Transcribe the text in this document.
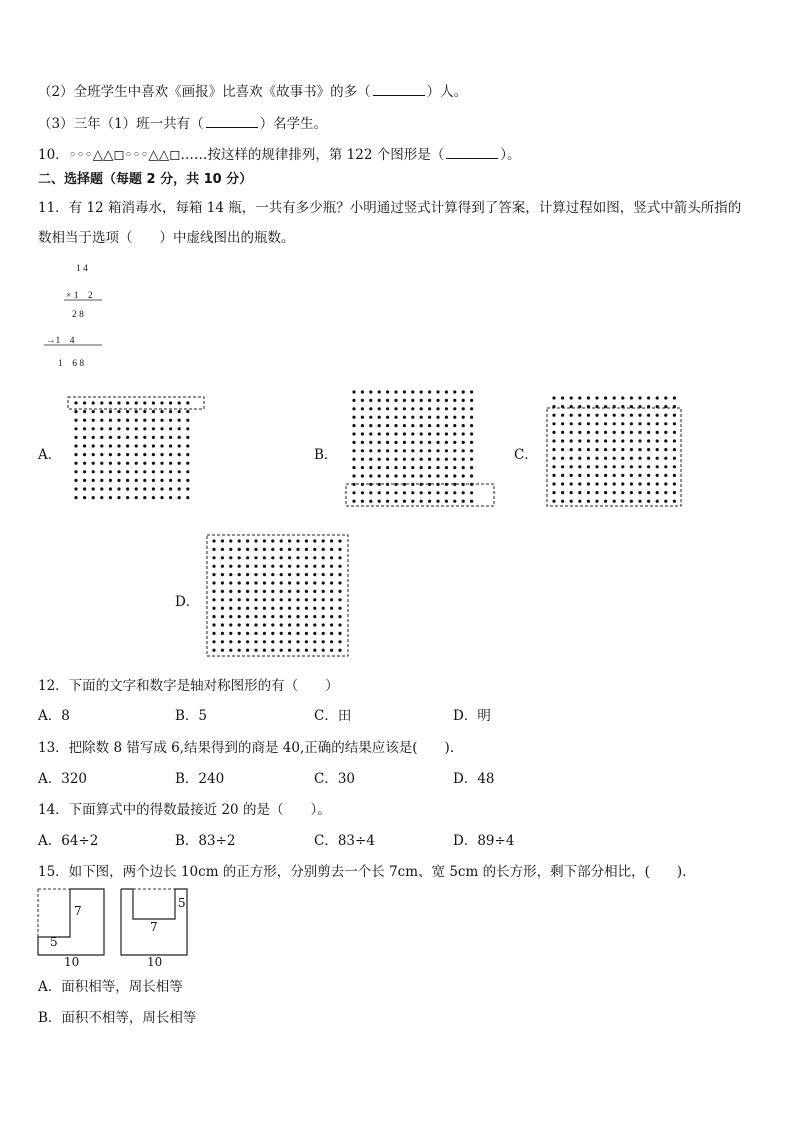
（2）全班学生中喜欢《画报》比喜欢《故事书》的多（	）人。
（3）三年（1）班一共有（	）名学生。
10．◦◦◦△△◻◦◦◦△△◻……按这样的规律排列，第 122 个图形是（	）。
二、选择题（每题 2 分，共 10 分）
11．有 12 箱消毒水，每箱 14 瓶，一共有多少瓶？小明通过竖式计算得到了答案，计算过程如图，竖式中箭头所指的
数相当于选项（　　）中虚线图出的瓶数。
1 4
× 1　2
2 8
→1　4
1　6 8
A．	B．	C．
D．
12．下面的文字和数字是轴对称图形的有（　　）
A．8	B．5	C．田	D．明
13．把除数 8 错写成 6,结果得到的商是 40,正确的结果应该是(　　).
A．320	B．240	C．30	D．48
14．下面算式中的得数最接近 20 的是（　　）。
A．64÷2	B．83÷2	C．83÷4	D．89÷4
15．如下图，两个边长 10cm 的正方形，分别剪去一个长 7cm、宽 5cm 的长方形，剩下部分相比，(　　).
7
5
10
5
7
10
A．面积相等，周长相等
B．面积不相等，周长相等
